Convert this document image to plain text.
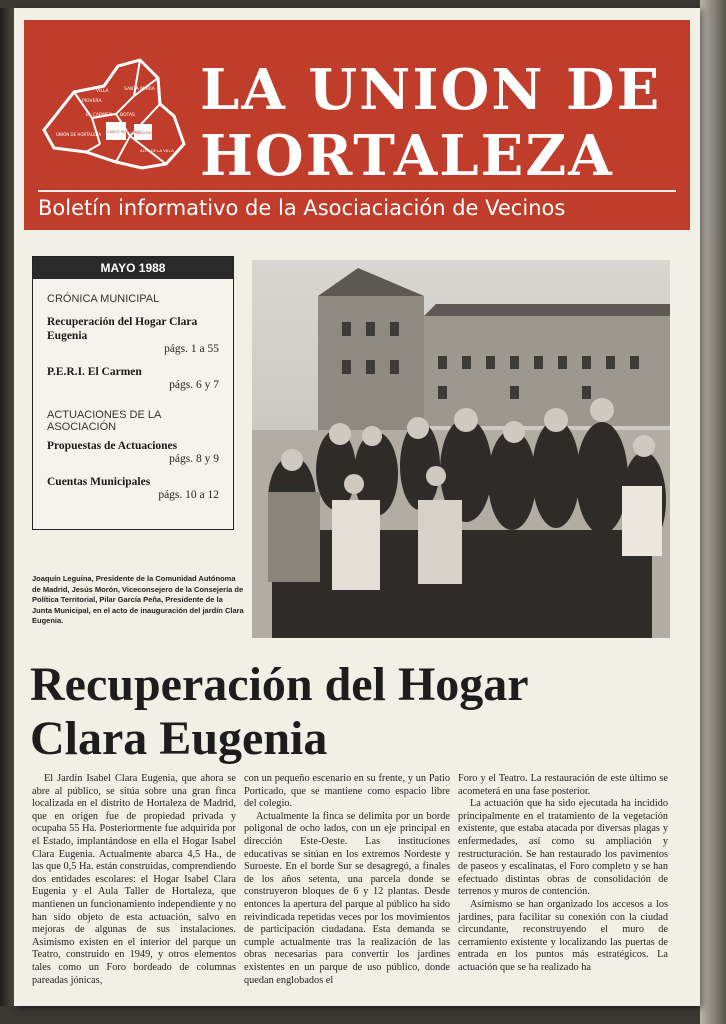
PIOVERA
VILLA	SANTA MARIA
EL CARMEN
UNIÓN DE HORTALEZA
BOTAS
CASCO HISTÓRICO
VILLA ROSA
ALTO DE LA VILLA
LA UNION DE
HORTALEZA
Boletín informativo de la Asociaciación de Vecinos
MAYO 1988
CRÓNICA MUNICIPAL
Recuperación del Hogar Clara Eugenia
págs. 1 a 55
P.E.R.I. El Carmen
págs. 6 y 7
ACTUACIONES DE LA ASOCIACIÓN
Propuestas de Actuaciones
págs. 8 y 9
Cuentas Municipales
págs. 10 a 12
Joaquín Leguina, Presidente de la Comunidad Autónoma de Madrid, Jesús Morón, Viceconsejero de la Consejería de Política Territorial, Pilar García Peña, Presidente de la Junta Municipal, en el acto de inauguración del jardín Clara Eugenia.
Recuperación del Hogar
Clara Eugenia

El Jardín Isabel Clara Eugenia, que ahora se abre al público, se sitúa sobre una gran finca localizada en el distrito de Hortaleza de Madrid, que en origen fue de propiedad privada y ocupaba 55 Ha. Posteriormente fue adquirida por el Estado, implantándose en ella el Hogar Isabel Clara Eugenia. Actualmente abarca 4,5 Ha., de las que 0,5 Ha. están construidas, comprendiendo dos entidades escolares: el Hogar Isabel Clara Eugenia y el Aula Taller de Hortaleza, que mantienen un funcionamiento independiente y no han sido objeto de esta actuación, salvo en mejoras de algunas de sus instalaciones. Asimismo existen en el interior del parque un Teatro, construido en 1949, y otros elementos tales como un Foro bordeado de columnas pareadas jónicas,

con un pequeño escenario en su frente, y un Patio Porticado, que se mantiene como espacio libre del colegio.

Actualmente la finca se delimita por un borde poligonal de ocho lados, con un eje principal en dirección Este-Oeste. Las instituciones educativas se sitúan en los extremos Nordeste y Suroeste. En el borde Sur se desagregó, a finales de los años setenta, una parcela donde se construyeron bloques de 6 y 12 plantas. Desde entonces la apertura del parque al público ha sido reivindicada repetidas veces por los movimientos de participación ciudadana. Esta demanda se cumple actualmente tras la realización de las obras necesarias para convertir los jardines existentes en un parque de uso público, donde quedan englobados el

Foro y el Teatro. La restauración de este último se acometerá en una fase posterior.

La actuación que ha sido ejecutada ha incidido principalmente en el tratamiento de la vegetación existente, que estaba atacada por diversas plagas y enfermedades, así como su ampliación y restructuración. Se han restaurado los pavimentos de paseos y escalinatas, el Foro completo y se han efectuado distintas obras de consolidación de terrenos y muros de contención.

Asimismo se han organizado los accesos a los jardines, para facilitar su conexión con la ciudad circundante, reconstruyendo el muro de cerramiento existente y localizando las puertas de entrada en los puntos más estratégicos. La actuación que se ha realizado ha
